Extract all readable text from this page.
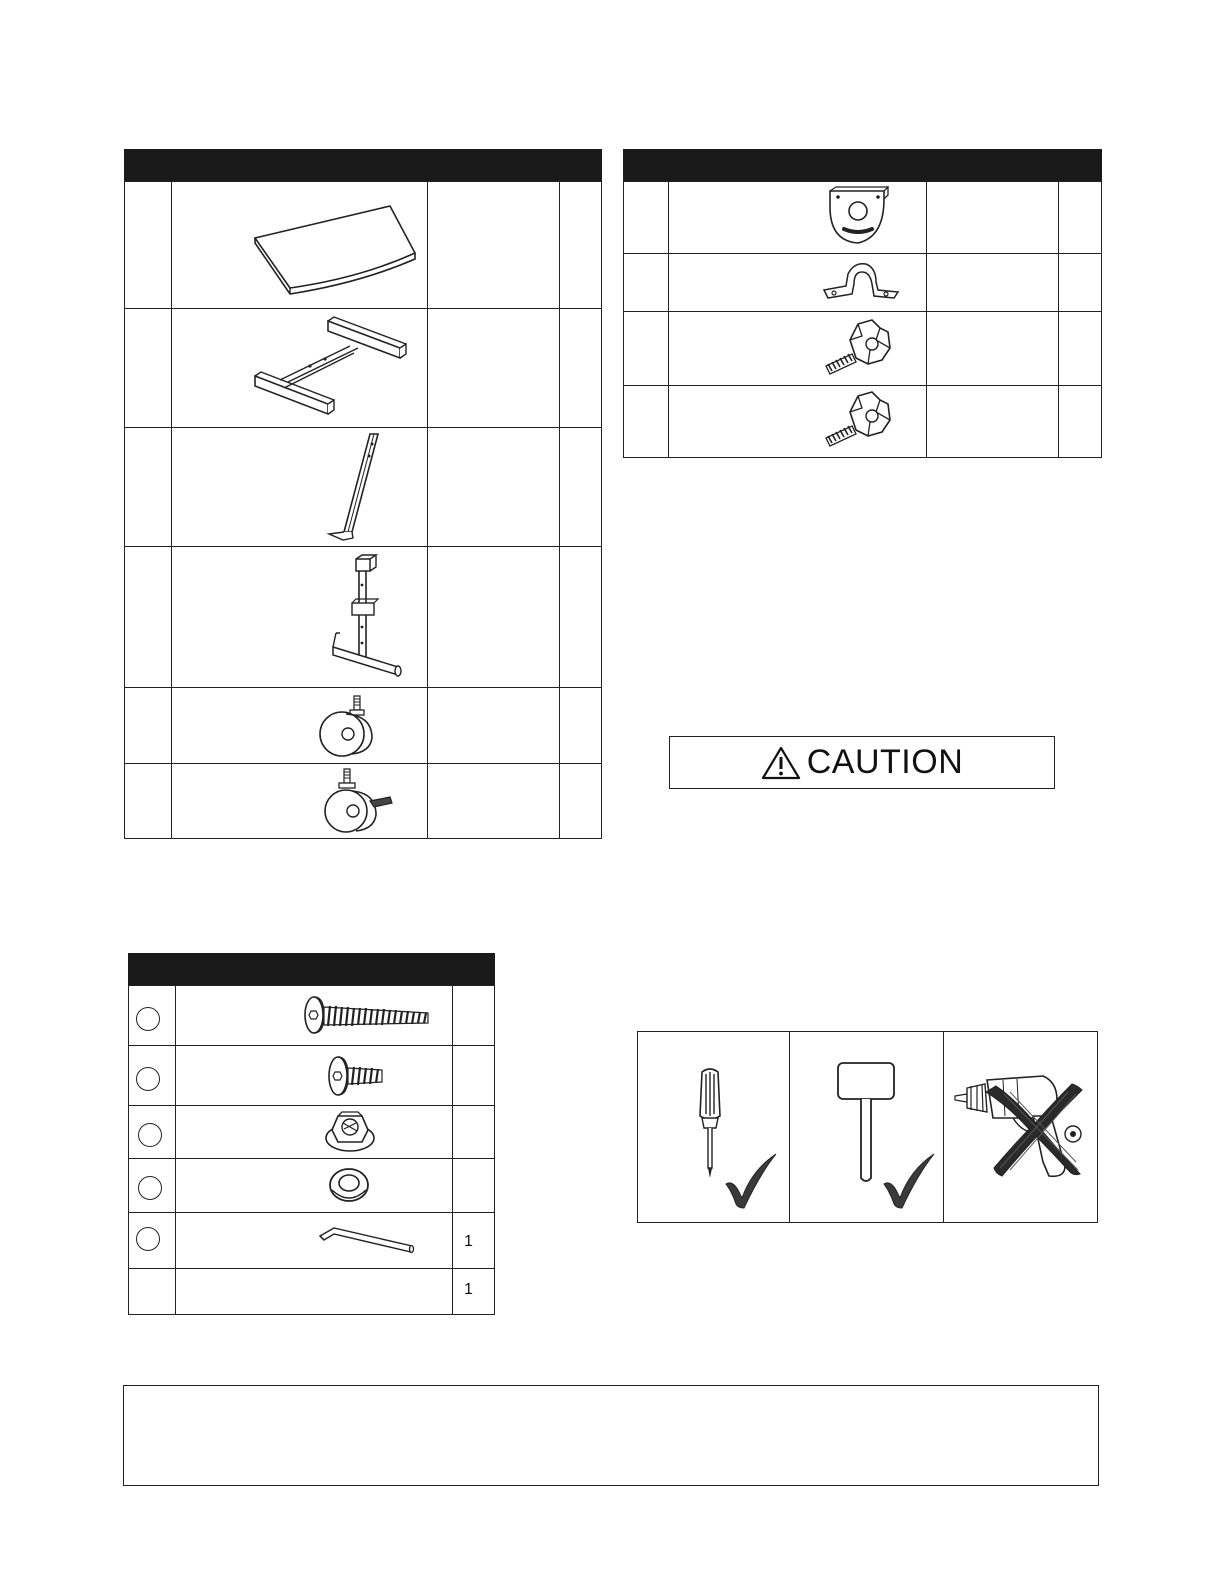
CAUTION
1
1
